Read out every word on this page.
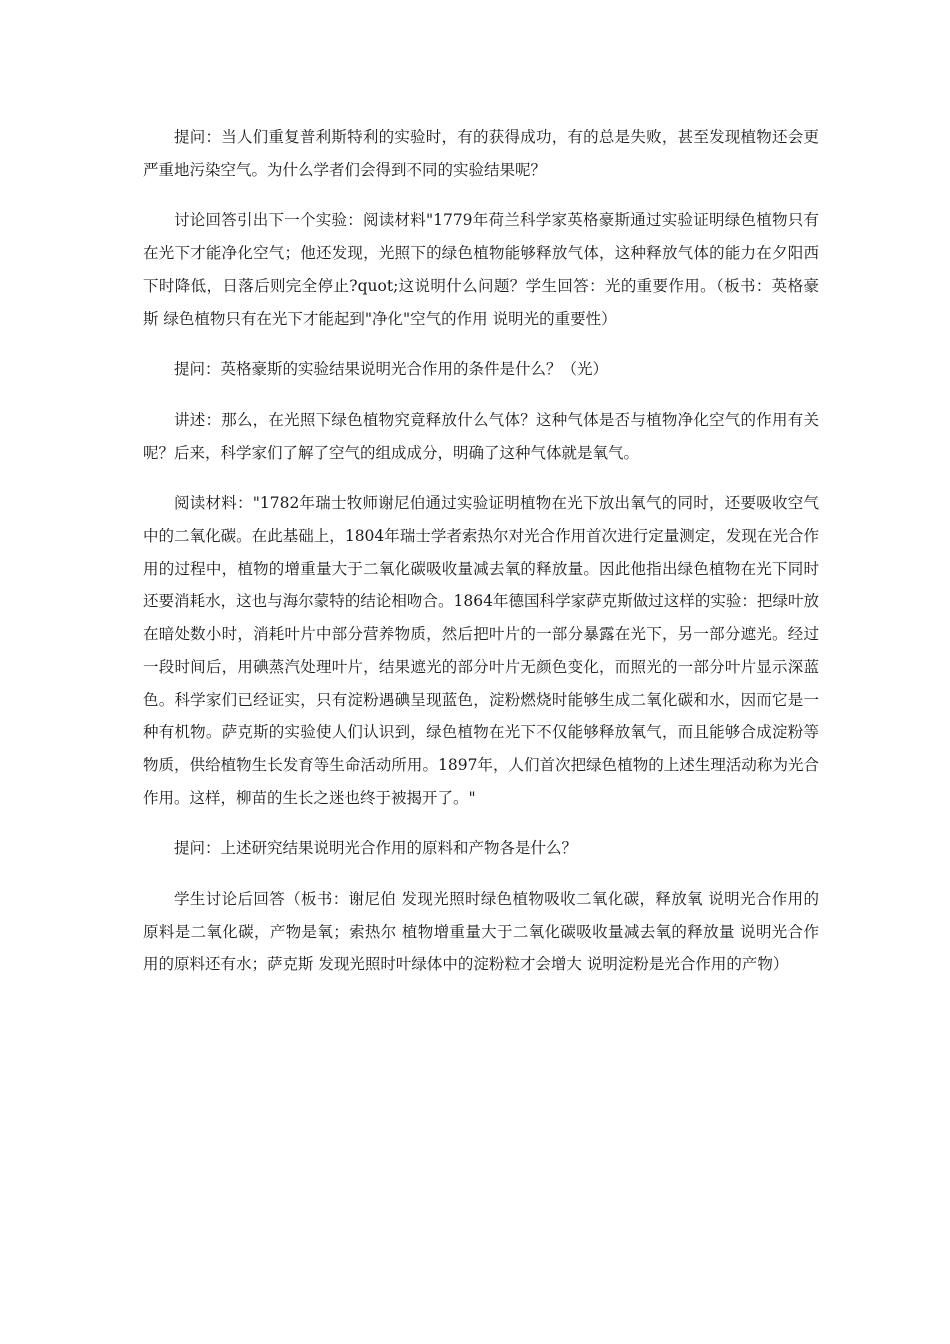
提问：当人们重复普利斯特利的实验时，有的获得成功，有的总是失败，甚至发现植物还会更严重地污染空气。为什么学者们会得到不同的实验结果呢？

讨论回答引出下一个实验：阅读材料"1779年荷兰科学家英格豪斯通过实验证明绿色植物只有在光下才能净化空气；他还发现，光照下的绿色植物能够释放气体，这种释放气体的能力在夕阳西下时降低，日落后则完全停止?quot;这说明什么问题？学生回答：光的重要作用。（板书：英格豪斯 绿色植物只有在光下才能起到"净化"空气的作用 说明光的重要性）

提问：英格豪斯的实验结果说明光合作用的条件是什么？（光）

讲述：那么，在光照下绿色植物究竟释放什么气体？这种气体是否与植物净化空气的作用有关呢？后来，科学家们了解了空气的组成成分，明确了这种气体就是氧气。

阅读材料："1782年瑞士牧师谢尼伯通过实验证明植物在光下放出氧气的同时，还要吸收空气中的二氧化碳。在此基础上，1804年瑞士学者索热尔对光合作用首次进行定量测定，发现在光合作用的过程中，植物的增重量大于二氧化碳吸收量减去氧的释放量。因此他指出绿色植物在光下同时还要消耗水，这也与海尔蒙特的结论相吻合。1864年德国科学家萨克斯做过这样的实验：把绿叶放在暗处数小时，消耗叶片中部分营养物质，然后把叶片的一部分暴露在光下，另一部分遮光。经过一段时间后，用碘蒸汽处理叶片，结果遮光的部分叶片无颜色变化，而照光的一部分叶片显示深蓝色。科学家们已经证实，只有淀粉遇碘呈现蓝色，淀粉燃烧时能够生成二氧化碳和水，因而它是一种有机物。萨克斯的实验使人们认识到，绿色植物在光下不仅能够释放氧气，而且能够合成淀粉等物质，供给植物生长发育等生命活动所用。1897年，人们首次把绿色植物的上述生理活动称为光合作用。这样，柳苗的生长之迷也终于被揭开了。"

提问：上述研究结果说明光合作用的原料和产物各是什么？

学生讨论后回答（板书：谢尼伯 发现光照时绿色植物吸收二氧化碳，释放氧 说明光合作用的原料是二氧化碳，产物是氧；索热尔 植物增重量大于二氧化碳吸收量减去氧的释放量 说明光合作用的原料还有水；萨克斯 发现光照时叶绿体中的淀粉粒才会增大 说明淀粉是光合作用的产物）
